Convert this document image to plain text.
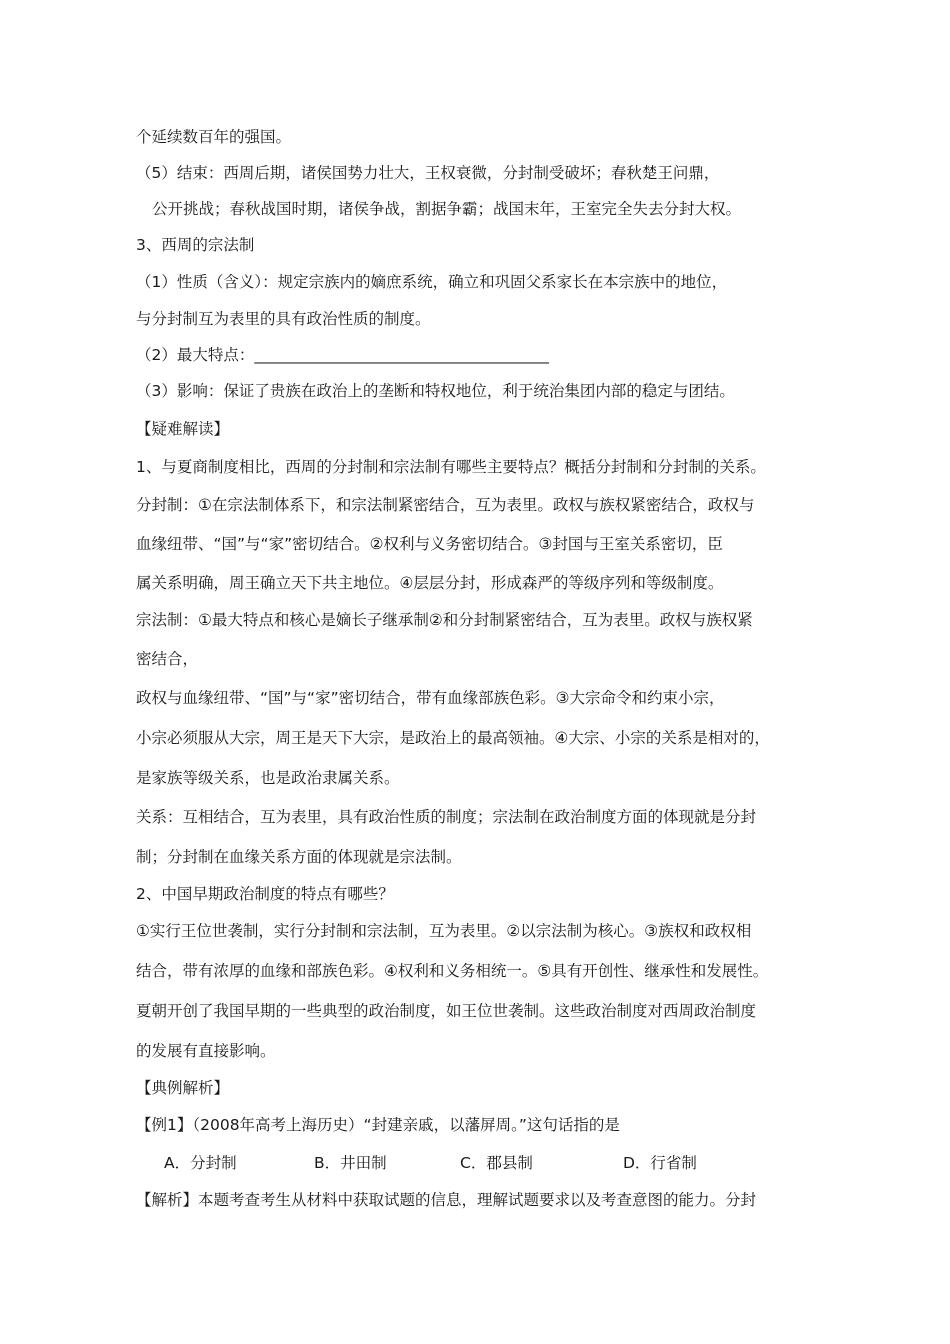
个延续数百年的强国。
（5）结束：西周后期，诸侯国势力壮大，王权衰微，分封制受破坏；春秋楚王问鼎，
公开挑战；春秋战国时期，诸侯争战，割据争霸；战国末年，王室完全失去分封大权。
3、西周的宗法制
（1）性质（含义）：规定宗族内的嫡庶系统，确立和巩固父系家长在本宗族中的地位，
与分封制互为表里的具有政治性质的制度。
（2）最大特点：______________________________________
（3）影响：保证了贵族在政治上的垄断和特权地位，利于统治集团内部的稳定与团结。
【疑难解读】
1、与夏商制度相比，西周的分封制和宗法制有哪些主要特点？概括分封制和分封制的关系。
分封制：①在宗法制体系下，和宗法制紧密结合，互为表里。政权与族权紧密结合，政权与
血缘纽带、“国”与“家”密切结合。②权利与义务密切结合。③封国与王室关系密切，臣
属关系明确，周王确立天下共主地位。④层层分封，形成森严的等级序列和等级制度。
宗法制：①最大特点和核心是嫡长子继承制②和分封制紧密结合，互为表里。政权与族权紧
密结合，
政权与血缘纽带、“国”与“家”密切结合，带有血缘部族色彩。③大宗命令和约束小宗，
小宗必须服从大宗，周王是天下大宗，是政治上的最高领袖。④大宗、小宗的关系是相对的，
是家族等级关系，也是政治隶属关系。
关系：互相结合，互为表里，具有政治性质的制度；宗法制在政治制度方面的体现就是分封
制；分封制在血缘关系方面的体现就是宗法制。
2、中国早期政治制度的特点有哪些？
①实行王位世袭制，实行分封制和宗法制，互为表里。②以宗法制为核心。③族权和政权相
结合，带有浓厚的血缘和部族色彩。④权利和义务相统一。⑤具有开创性、继承性和发展性。
夏朝开创了我国早期的一些典型的政治制度，如王位世袭制。这些政治制度对西周政治制度
的发展有直接影响。
【典例解析】
【例1】（2008年高考上海历史）“封建亲戚，以藩屏周。”这句话指的是
A．分封制	B．井田制	C．郡县制	D．行省制
【解析】本题考查考生从材料中获取试题的信息，理解试题要求以及考查意图的能力。分封
